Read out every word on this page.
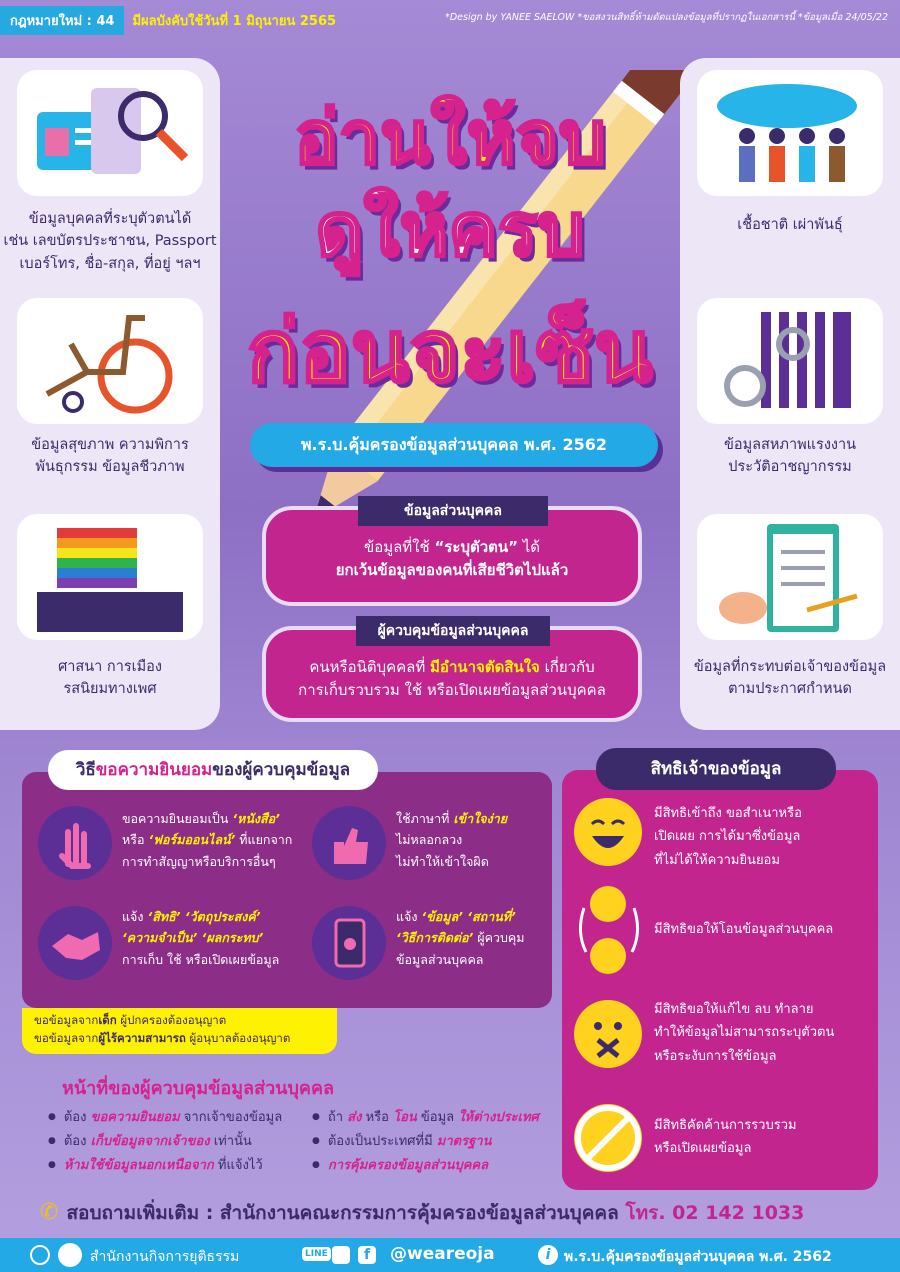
กฎหมายใหม่ : 44	มีผลบังคับใช้วันที่ 1 มิถุนายน 2565	*Design by YANEE SAELOW *ขอสงวนสิทธิ์ห้ามดัดแปลงข้อมูลที่ปรากฏในเอกสารนี้ *ข้อมูลเมื่อ 24/05/22
ข้อมูลบุคคลที่ระบุตัวตนได้
เช่น เลขบัตรประชาชน, Passport
เบอร์โทร, ชื่อ-สกุล, ที่อยู่ ฯลฯ
ข้อมูลสุขภาพ ความพิการ
พันธุกรรม ข้อมูลชีวภาพ
ศาสนา การเมือง
รสนิยมทางเพศ
เชื้อชาติ เผ่าพันธุ์
ข้อมูลสหภาพแรงงาน
ประวัติอาชญากรรม
ข้อมูลที่กระทบต่อเจ้าของข้อมูล
ตามประกาศกำหนด
อ่านให้จบ
ดูให้ครบ
ก่อนจะเซ็น
พ.ร.บ.คุ้มครองข้อมูลส่วนบุคคล พ.ศ. 2562
ข้อมูลที่ใช้ “ระบุตัวตน” ได้
ยกเว้นข้อมูลของคนที่เสียชีวิตไปแล้ว
ข้อมูลส่วนบุคคล
คนหรือนิติบุคคลที่ มีอำนาจตัดสินใจ เกี่ยวกับ
การเก็บรวบรวม ใช้ หรือเปิดเผยข้อมูลส่วนบุคคล
ผู้ควบคุมข้อมูลส่วนบุคคล
วิธีขอความยินยอมของผู้ควบคุมข้อมูล
ขอความยินยอมเป็น ‘หนังสือ’
หรือ ‘ฟอร์มออนไลน์’ ที่แยกจาก
การทำสัญญาหรือบริการอื่นๆ
ใช้ภาษาที่ เข้าใจง่าย
ไม่หลอกลวง
ไม่ทำให้เข้าใจผิด
แจ้ง ‘สิทธิ’ ‘วัตถุประสงค์’
‘ความจำเป็น’ ‘ผลกระทบ’
การเก็บ ใช้ หรือเปิดเผยข้อมูล
แจ้ง ‘ข้อมูล’ ‘สถานที่’
‘วิธีการติดต่อ’ ผู้ควบคุม
ข้อมูลส่วนบุคคล
ขอข้อมูลจากเด็ก ผู้ปกครองต้องอนุญาต
ขอข้อมูลจากผู้ไร้ความสามารถ ผู้อนุบาลต้องอนุญาต
หน้าที่ของผู้ควบคุมข้อมูลส่วนบุคคล
● ต้อง ขอความยินยอม จากเจ้าของข้อมูล
● ต้อง เก็บข้อมูลจากเจ้าของ เท่านั้น
● ห้ามใช้ข้อมูลนอกเหนือจาก ที่แจ้งไว้
● ถ้า ส่ง หรือ โอน ข้อมูล ให้ต่างประเทศ
● ต้องเป็นประเทศที่มี มาตรฐาน
● การคุ้มครองข้อมูลส่วนบุคคล
สิทธิเจ้าของข้อมูล
มีสิทธิเข้าถึง ขอสำเนาหรือ
เปิดเผย การได้มาซึ่งข้อมูล
ที่ไม่ได้ให้ความยินยอม
มีสิทธิขอให้โอนข้อมูลส่วนบุคคล
มีสิทธิขอให้แก้ไข ลบ ทำลาย
ทำให้ข้อมูลไม่สามารถระบุตัวตน
หรือระงับการใช้ข้อมูล
มีสิทธิคัดค้านการรวบรวม
หรือเปิดเผยข้อมูล
✆ สอบถามเพิ่มเติม : สำนักงานคณะกรรมการคุ้มครองข้อมูลส่วนบุคคล โทร. 02 142 1033
สำนักงานกิจการยุติธรรม	LINE	f	@weareoja	i พ.ร.บ.คุ้มครองข้อมูลส่วนบุคคล พ.ศ. 2562
